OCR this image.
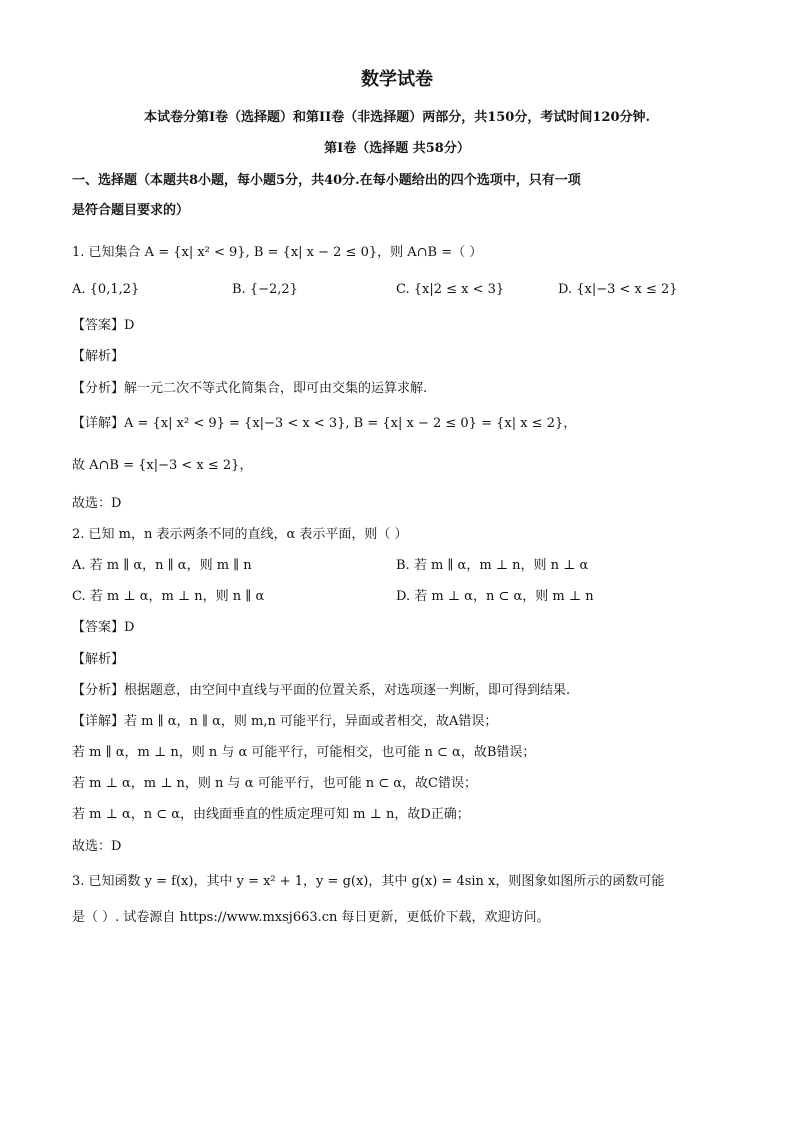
数学试卷
本试卷分第I卷（选择题）和第II卷（非选择题）两部分，共150分，考试时间120分钟.
第I卷（选择题 共58分）
一、选择题（本题共8小题，每小题5分，共40分.在每小题给出的四个选项中，只有一项
是符合题目要求的）
1. 已知集合 A = {x| x² < 9}, B = {x| x − 2 ≤ 0}，则 A∩B =（ ）
A. {0,1,2}	B. {−2,2}	C. {x|2 ≤ x < 3}	D. {x|−3 < x ≤ 2}
【答案】D
【解析】
【分析】解一元二次不等式化简集合，即可由交集的运算求解.
【详解】A = {x| x² < 9} = {x|−3 < x < 3}, B = {x| x − 2 ≤ 0} = {x| x ≤ 2}，
故 A∩B = {x|−3 < x ≤ 2}，
故选：D
2. 已知 m，n 表示两条不同的直线，α 表示平面，则（ ）
A. 若 m ∥ α，n ∥ α，则 m ∥ n	B. 若 m ∥ α，m ⊥ n，则 n ⊥ α
C. 若 m ⊥ α，m ⊥ n，则 n ∥ α	D. 若 m ⊥ α，n ⊂ α，则 m ⊥ n
【答案】D
【解析】
【分析】根据题意，由空间中直线与平面的位置关系，对选项逐一判断，即可得到结果.
【详解】若 m ∥ α，n ∥ α，则 m,n 可能平行，异面或者相交，故A错误；
若 m ∥ α，m ⊥ n，则 n 与 α 可能平行，可能相交，也可能 n ⊂ α，故B错误；
若 m ⊥ α，m ⊥ n，则 n 与 α 可能平行，也可能 n ⊂ α，故C错误；
若 m ⊥ α，n ⊂ α，由线面垂直的性质定理可知 m ⊥ n，故D正确；
故选：D
3. 已知函数 y = f(x)，其中 y = x² + 1，y = g(x)，其中 g(x) = 4sin x，则图象如图所示的函数可能
是（ ）. 试卷源自 https://www.mxsj663.cn 每日更新，更低价下载，欢迎访问。
